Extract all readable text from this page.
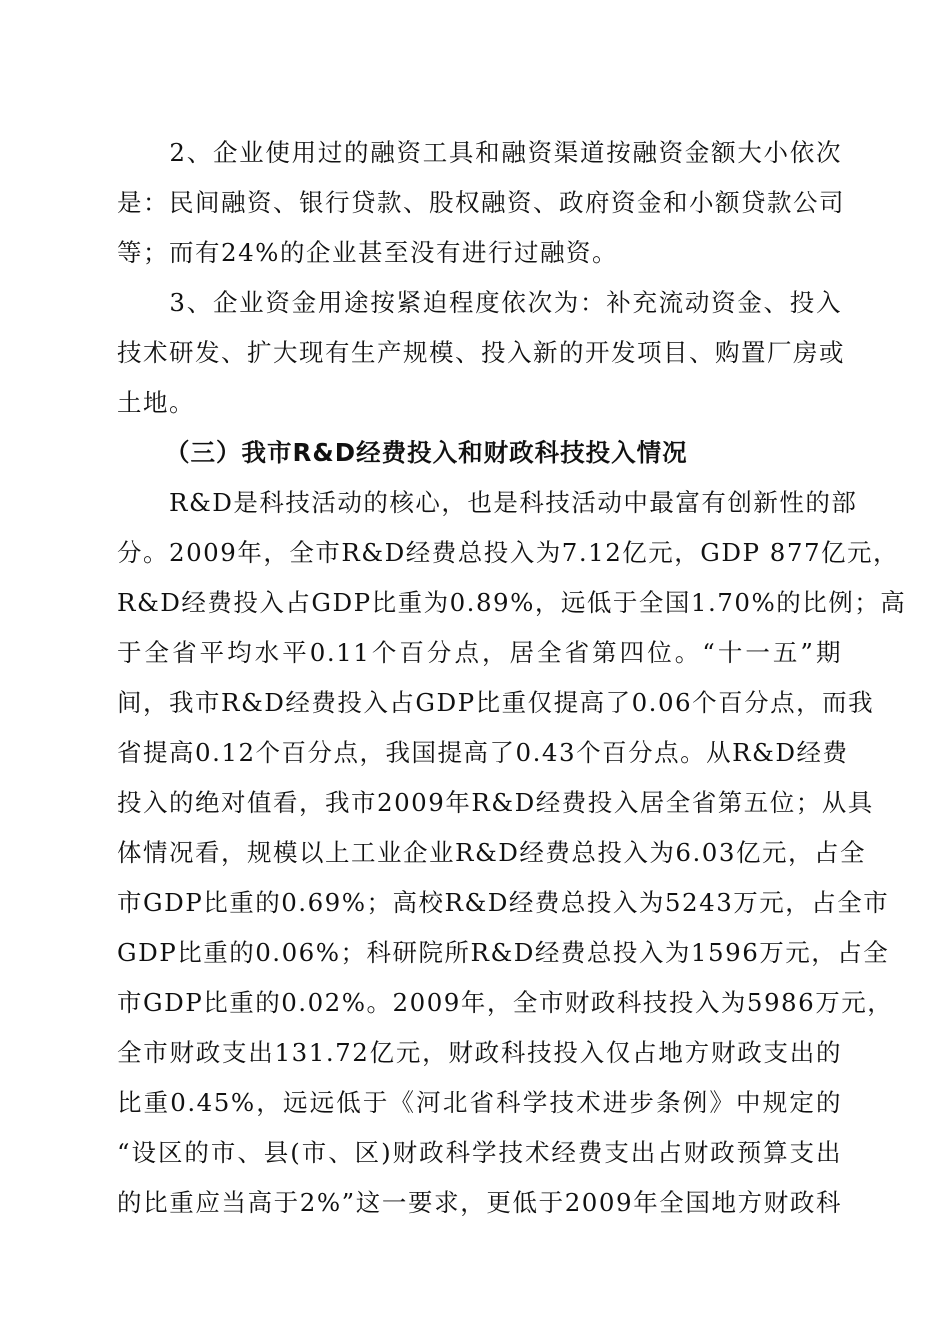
　　2、企业使用过的融资工具和融资渠道按融资金额大小依次
是：民间融资、银行贷款、股权融资、政府资金和小额贷款公司
等；而有24%的企业甚至没有进行过融资。
　　3、企业资金用途按紧迫程度依次为：补充流动资金、投入
技术研发、扩大现有生产规模、投入新的开发项目、购置厂房或
土地。
（三）我市R&D经费投入和财政科技投入情况
　　R&D是科技活动的核心，也是科技活动中最富有创新性的部
分。2009年，全市R&D经费总投入为7.12亿元，GDP 877亿元，
R&D经费投入占GDP比重为0.89%，远低于全国1.70%的比例；高
于全省平均水平0.11个百分点，居全省第四位。“十一五”期
间，我市R&D经费投入占GDP比重仅提高了0.06个百分点，而我
省提高0.12个百分点，我国提高了0.43个百分点。从R&D经费
投入的绝对值看，我市2009年R&D经费投入居全省第五位；从具
体情况看，规模以上工业企业R&D经费总投入为6.03亿元，占全
市GDP比重的0.69%；高校R&D经费总投入为5243万元，占全市
GDP比重的0.06%；科研院所R&D经费总投入为1596万元，占全
市GDP比重的0.02%。2009年，全市财政科技投入为5986万元，
全市财政支出131.72亿元，财政科技投入仅占地方财政支出的
比重0.45%，远远低于《河北省科学技术进步条例》中规定的
“设区的市、县(市、区)财政科学技术经费支出占财政预算支出
的比重应当高于2%”这一要求，更低于2009年全国地方财政科
